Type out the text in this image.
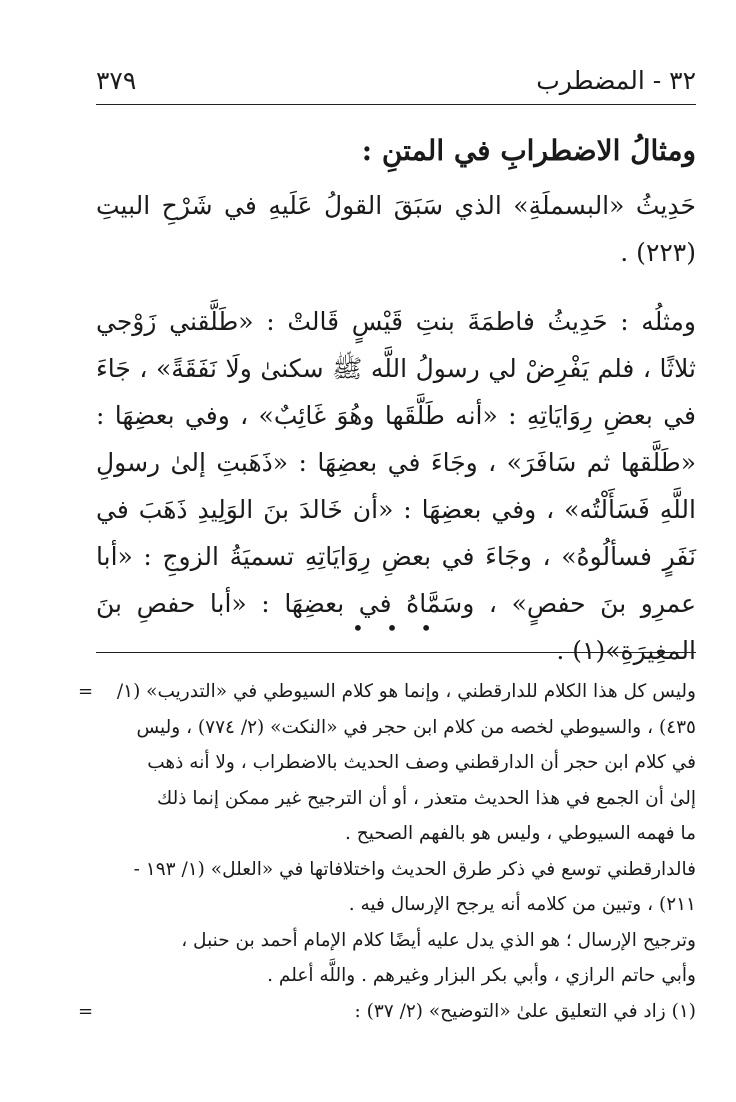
٣٢ - المضطرب
٣٧٩
ومثالُ الاضطرابِ في المتنِ :

حَدِيثُ «البسملَةِ» الذي سَبَقَ القولُ عَلَيهِ في شَرْحِ البيتِ (٢٢٣) .

ومثلُه : حَدِيثُ فاطمَةَ بنتِ قَيْسٍ قَالتْ : «طَلَّقني زَوْجي ثلاثًا ، فلم يَفْرِضْ لي رسولُ اللَّه ﷺ سكنىٰ ولَا نَفَقَةً» ، جَاءَ في بعضِ رِوَايَاتِهِ : «أنه طَلَّقَها وهُوَ غَائِبٌ» ، وفي بعضِهَا : «طَلَّقها ثم سَافَرَ» ، وجَاءَ في بعضِهَا : «ذَهَبتِ إلىٰ رسولِ اللَّهِ فَسَأَلْتُه» ، وفي بعضِهَا : «أن خَالدَ بنَ الوَلِيدِ ذَهَبَ في نَفَرٍ فسألُوهُ» ، وجَاءَ في بعضِ رِوَايَاتِهِ تسميَةُ الزوجِ : «أبا عمرِو بنَ حفصٍ» ، وسَمَّاهُ في بعضِهَا : «أبا حفصِ بنَ المغِيرَةِ»(١) .

• • •
=	وليس كل هذا الكلام للدارقطني ، وإنما هو كلام السيوطي في «التدريب» (١/

٤٣٥) ، والسيوطي لخصه من كلام ابن حجر في «النكت» (٢/ ٧٧٤) ، وليس

في كلام ابن حجر أن الدارقطني وصف الحديث بالاضطراب ، ولا أنه ذهب

إلىٰ أن الجمع في هذا الحديث متعذر ، أو أن الترجيح غير ممكن إنما ذلك

ما فهمه السيوطي ، وليس هو بالفهم الصحيح .

فالدارقطني توسع في ذكر طرق الحديث واختلافاتها في «العلل» (١/ ١٩٣ -

٢١١) ، وتبين من كلامه أنه يرجح الإرسال فيه .

وترجيح الإرسال ؛ هو الذي يدل عليه أيضًا كلام الإمام أحمد بن حنبل ،

وأبي حاتم الرازي ، وأبي بكر البزار وغيرهم . واللَّه أعلم .

(١) زاد في التعليق علىٰ «التوضيح» (٢/ ٣٧) :

=
